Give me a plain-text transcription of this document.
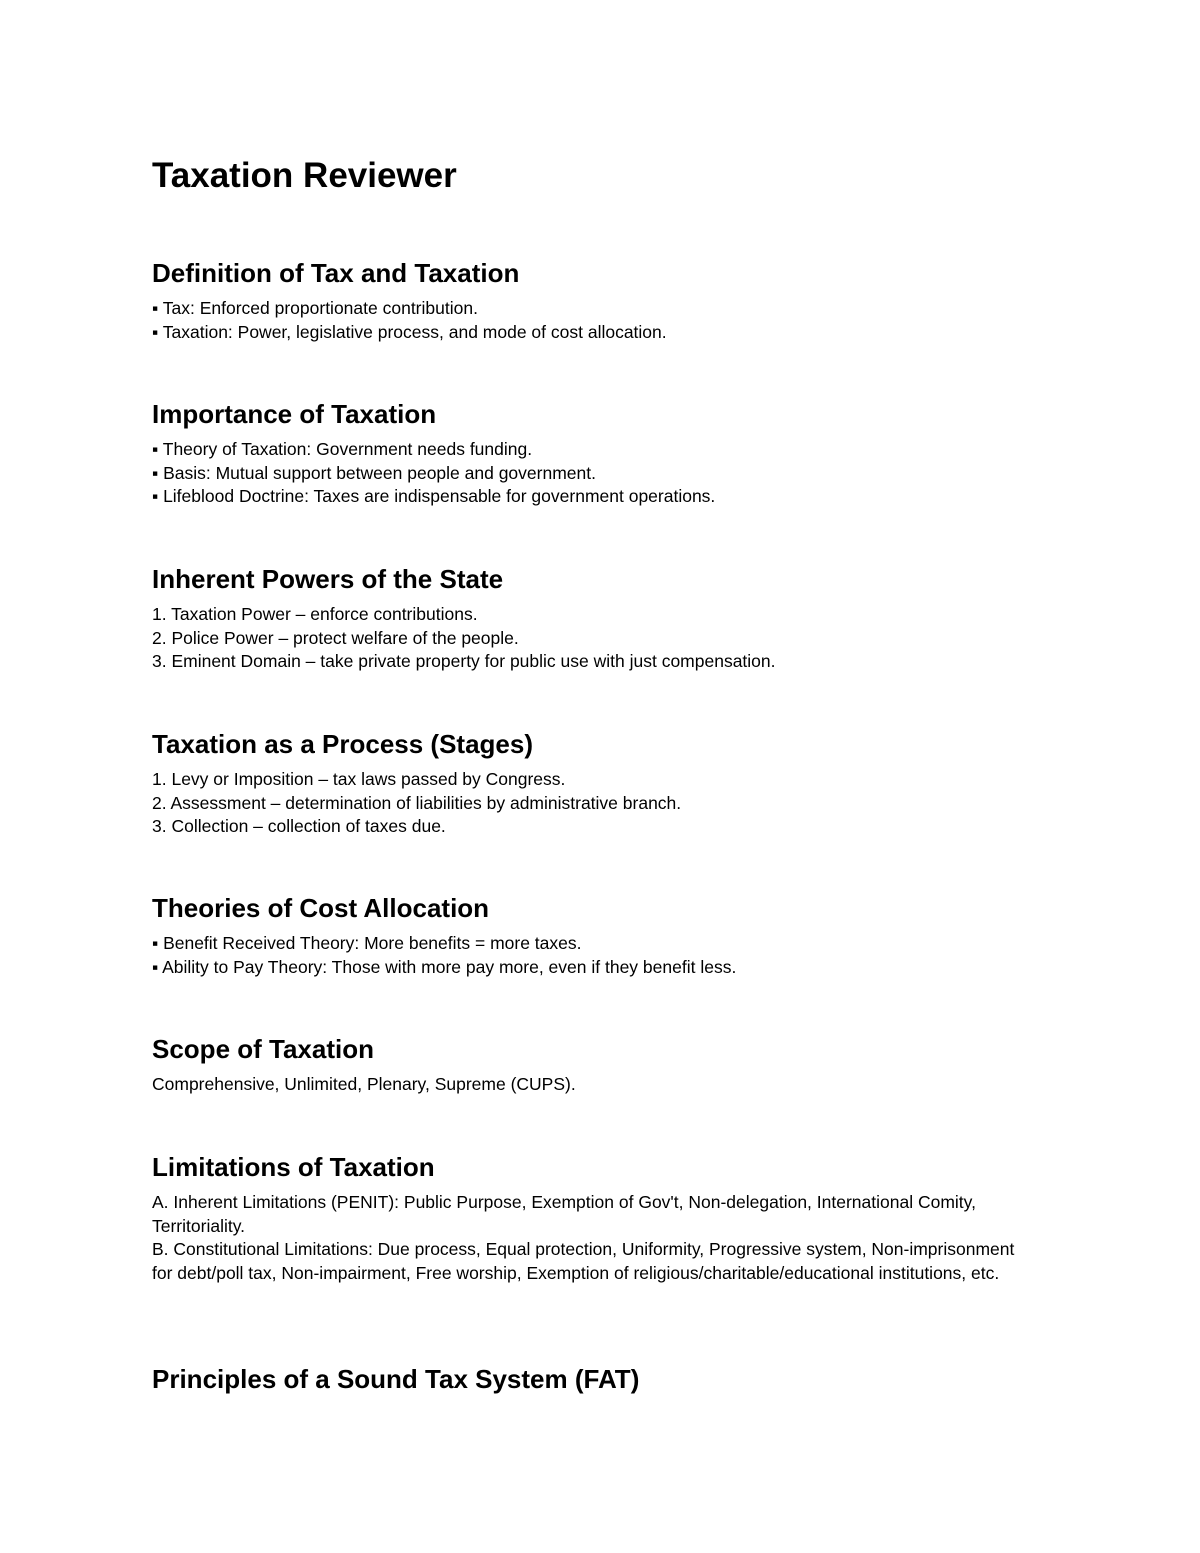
Taxation Reviewer
Definition of Tax and Taxation

▪ Tax: Enforced proportionate contribution.

▪ Taxation: Power, legislative process, and mode of cost allocation.

Importance of Taxation

▪ Theory of Taxation: Government needs funding.

▪ Basis: Mutual support between people and government.

▪ Lifeblood Doctrine: Taxes are indispensable for government operations.

Inherent Powers of the State

1. Taxation Power – enforce contributions.

2. Police Power – protect welfare of the people.

3. Eminent Domain – take private property for public use with just compensation.

Taxation as a Process (Stages)

1. Levy or Imposition – tax laws passed by Congress.

2. Assessment – determination of liabilities by administrative branch.

3. Collection – collection of taxes due.

Theories of Cost Allocation

▪ Benefit Received Theory: More benefits = more taxes.

▪ Ability to Pay Theory: Those with more pay more, even if they benefit less.

Scope of Taxation

Comprehensive, Unlimited, Plenary, Supreme (CUPS).

Limitations of Taxation

A. Inherent Limitations (PENIT): Public Purpose, Exemption of Gov't, Non-delegation, International Comity, Territoriality.

B. Constitutional Limitations: Due process, Equal protection, Uniformity, Progressive system, Non-imprisonment for debt/poll tax, Non-impairment, Free worship, Exemption of religious/charitable/educational institutions, etc.

Principles of a Sound Tax System (FAT)
